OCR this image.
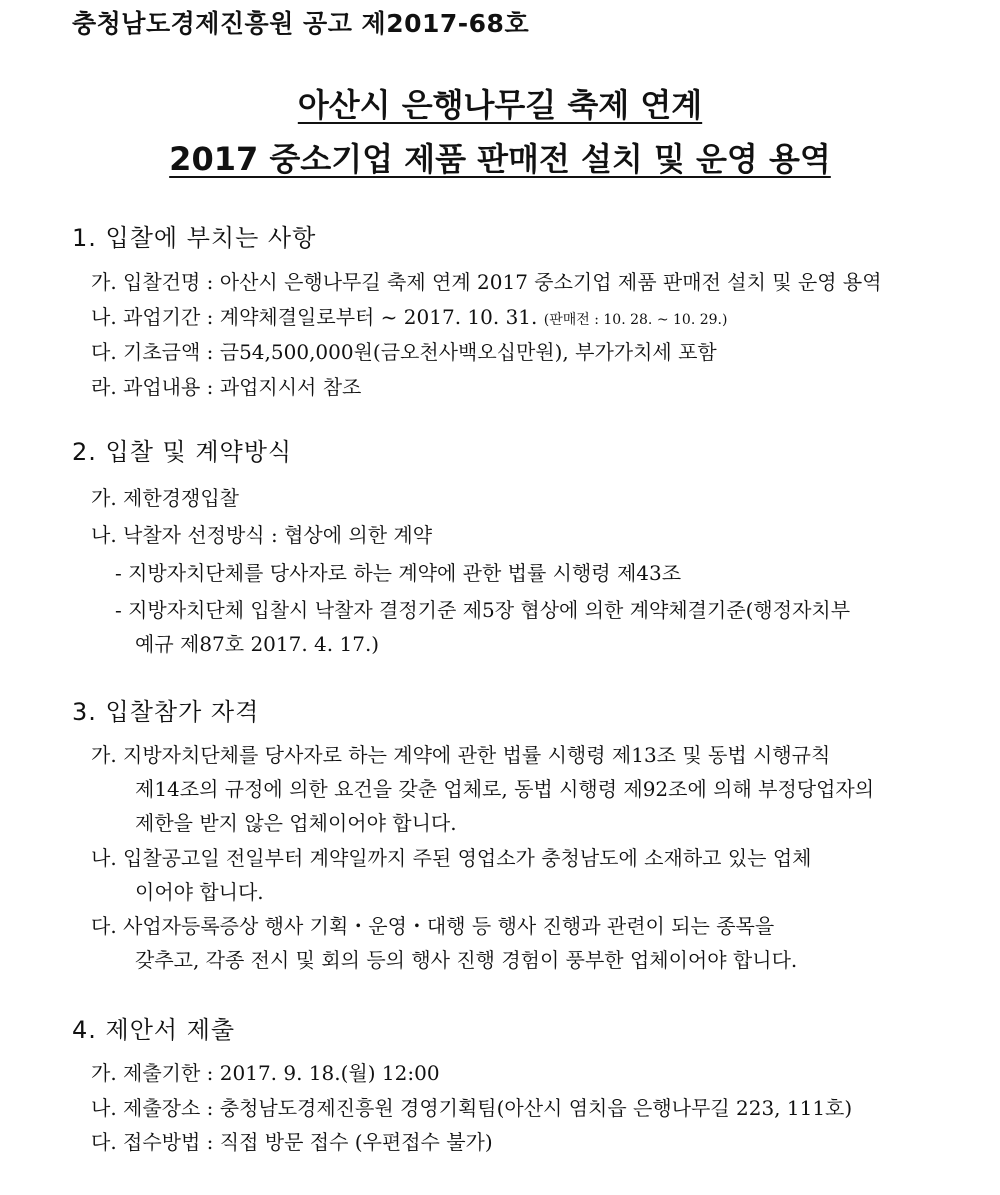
충청남도경제진흥원 공고 제2017-68호
아산시 은행나무길 축제 연계
2017 중소기업 제품 판매전 설치 및 운영 용역
1. 입찰에 부치는 사항
가. 입찰건명 : 아산시 은행나무길 축제 연계 2017 중소기업 제품 판매전 설치 및 운영 용역
나. 과업기간 : 계약체결일로부터 ~ 2017. 10. 31. (판매전 : 10. 28. ~ 10. 29.)
다. 기초금액 : 금54,500,000원(금오천사백오십만원), 부가가치세 포함
라. 과업내용 : 과업지시서 참조
2. 입찰 및 계약방식
가. 제한경쟁입찰
나. 낙찰자 선정방식 : 협상에 의한 계약
- 지방자치단체를 당사자로 하는 계약에 관한 법률 시행령 제43조
- 지방자치단체 입찰시 낙찰자 결정기준 제5장 협상에 의한 계약체결기준(행정자치부
예규 제87호 2017. 4. 17.)
3. 입찰참가 자격
가. 지방자치단체를 당사자로 하는 계약에 관한 법률 시행령 제13조 및 동법 시행규칙
제14조의 규정에 의한 요건을 갖춘 업체로, 동법 시행령 제92조에 의해 부정당업자의
제한을 받지 않은 업체이어야 합니다.
나. 입찰공고일 전일부터 계약일까지 주된 영업소가 충청남도에 소재하고 있는 업체
이어야 합니다.
다. 사업자등록증상 행사 기획・운영・대행 등 행사 진행과 관련이 되는 종목을
갖추고, 각종 전시 및 회의 등의 행사 진행 경험이 풍부한 업체이어야 합니다.
4. 제안서 제출
가. 제출기한 : 2017. 9. 18.(월) 12:00
나. 제출장소 : 충청남도경제진흥원 경영기획팀(아산시 염치읍 은행나무길 223, 111호)
다. 접수방법 : 직접 방문 접수 (우편접수 불가)
